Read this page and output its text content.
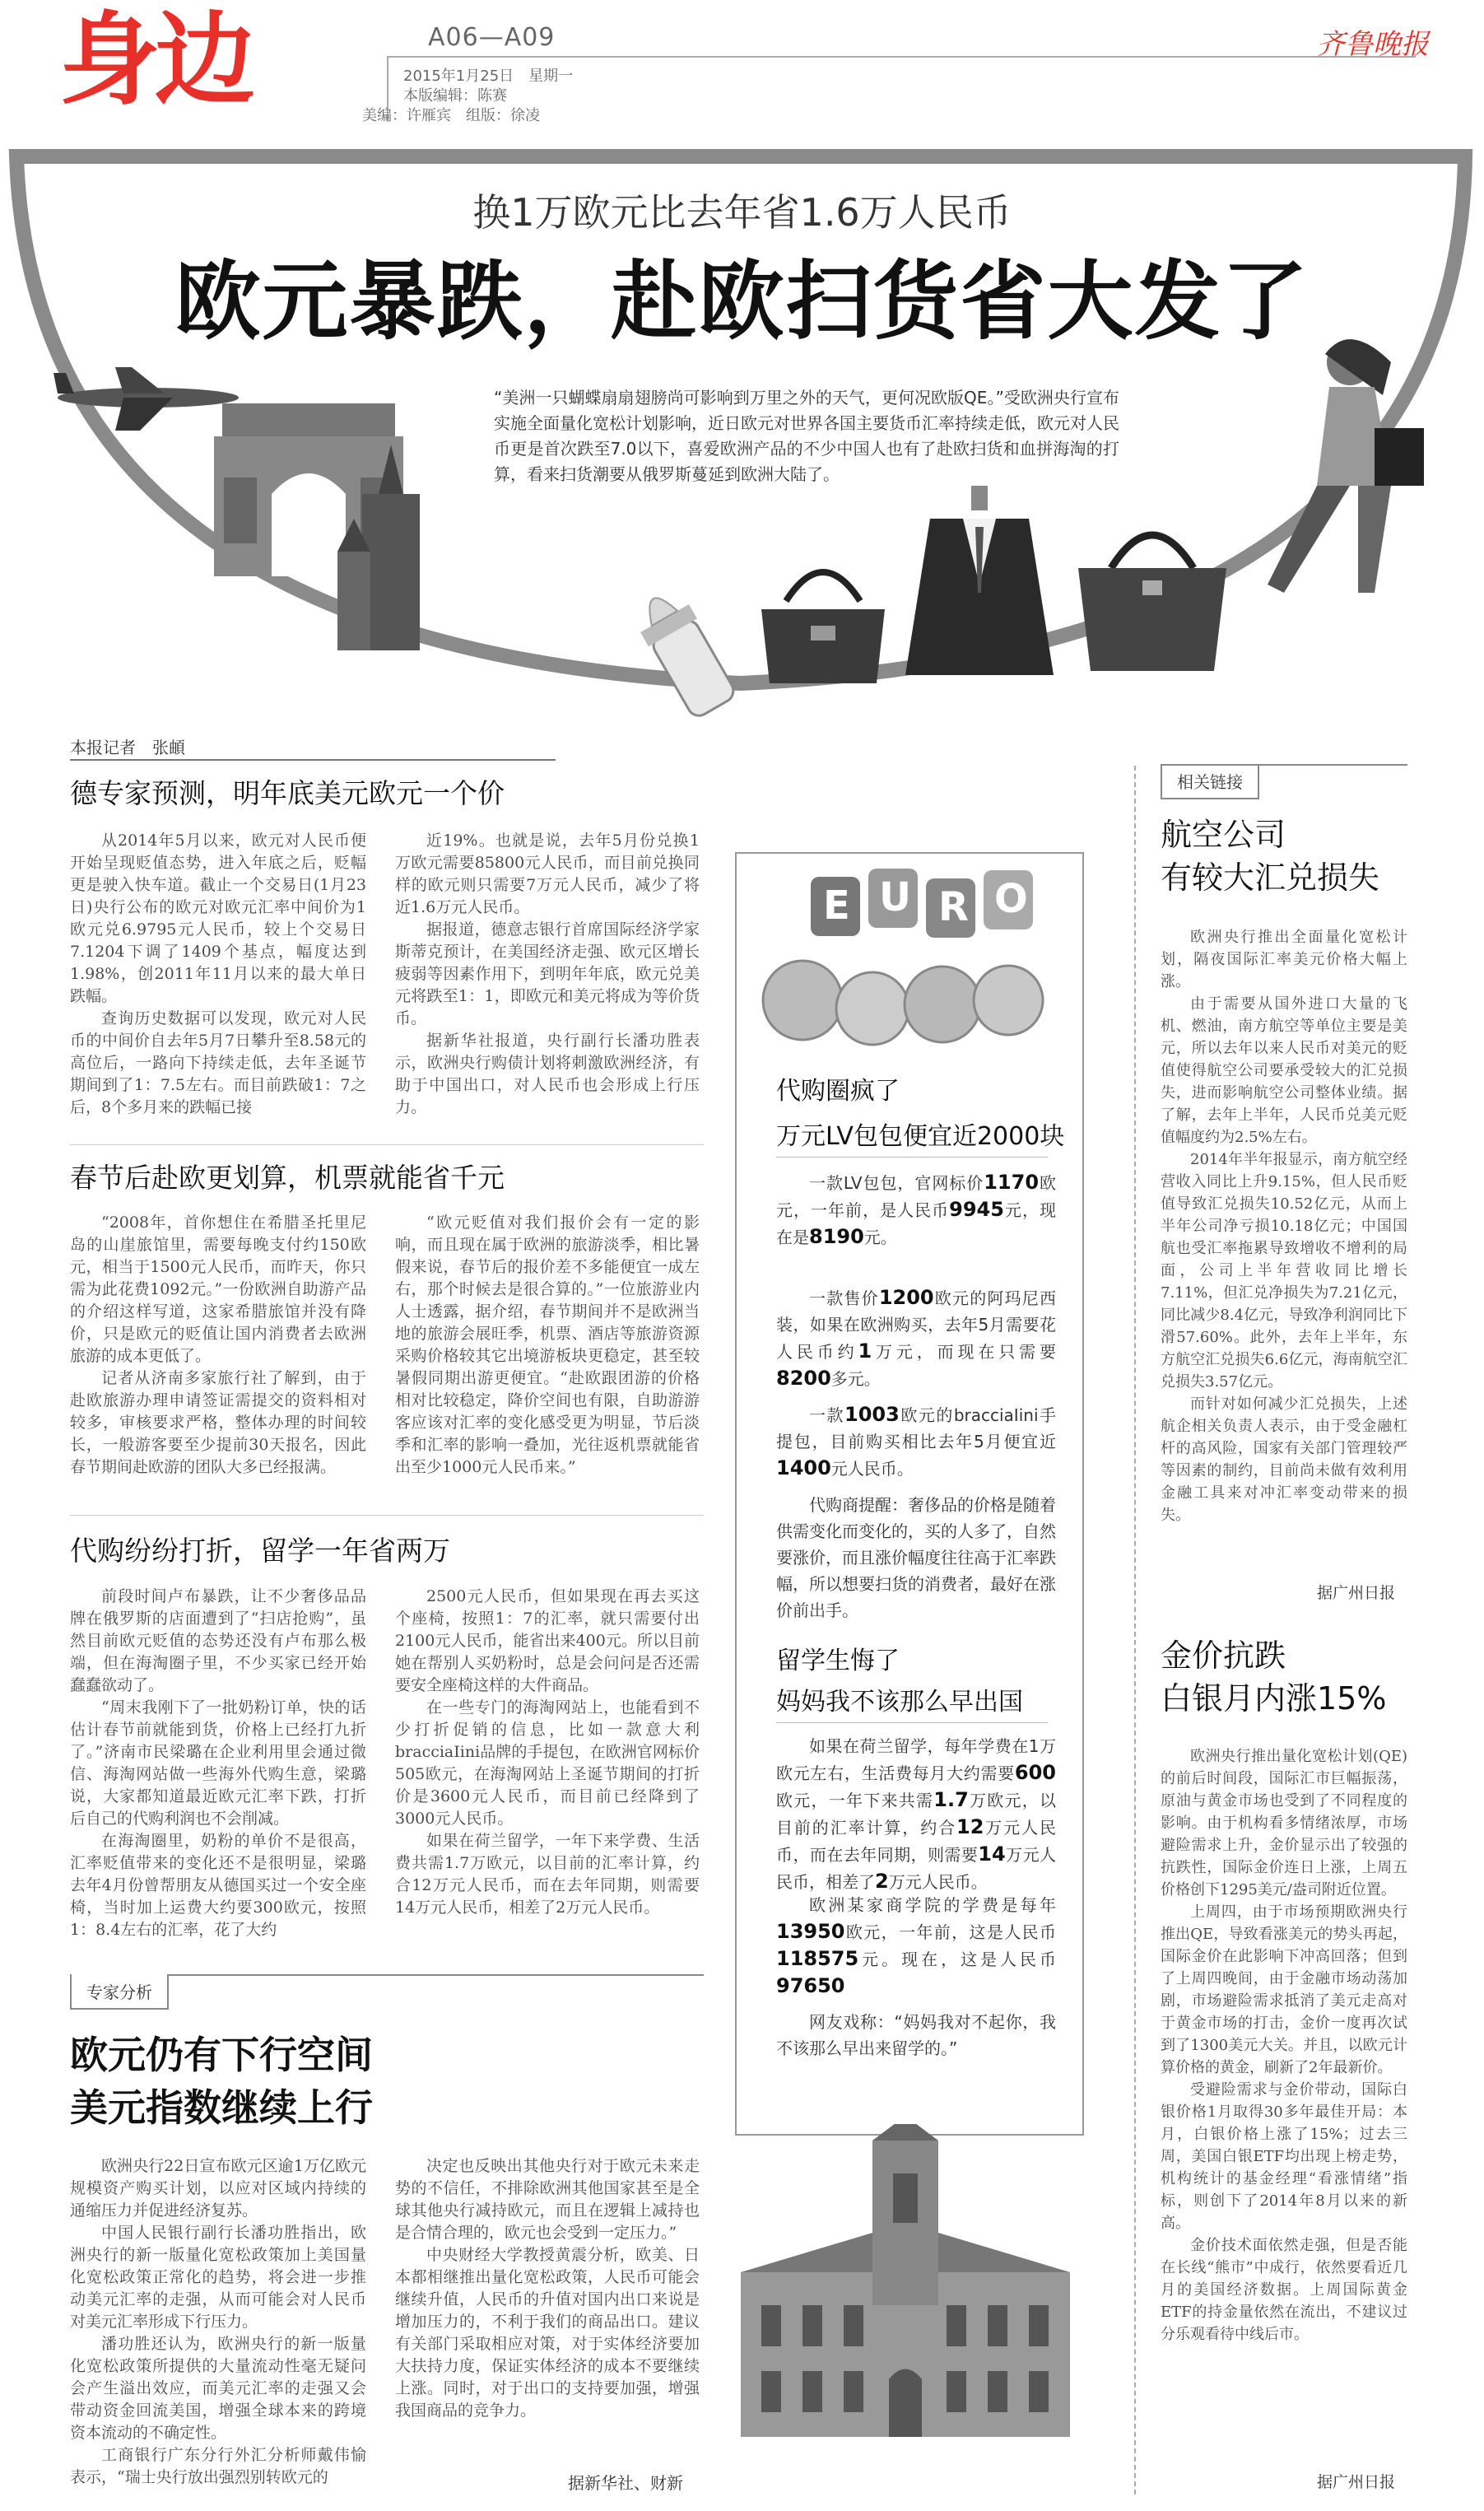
身边	A06—A09
2015年1月25日　星期一
本版编辑：陈赛
美编：许雁宾　组版：徐凌
齐鲁晚报
换1万欧元比去年省1.6万人民币
欧元暴跌，赴欧扫货省大发了
“美洲一只蝴蝶扇扇翅膀尚可影响到万里之外的天气，更何况欧版QE。”受欧洲央行宣布实施全面量化宽松计划影响，近日欧元对世界各国主要货币汇率持续走低，欧元对人民币更是首次跌至7.0以下，喜爱欧洲产品的不少中国人也有了赴欧扫货和血拼海淘的打算，看来扫货潮要从俄罗斯蔓延到欧洲大陆了。
本报记者　张頔
德专家预测，明年底美元欧元一个价

从2014年5月以来，欧元对人民币便开始呈现贬值态势，进入年底之后，贬幅更是驶入快车道。截止一个交易日(1月23日)央行公布的欧元对欧元汇率中间价为1欧元兑6.9795元人民币，较上个交易日7.1204下调了1409个基点，幅度达到1.98%，创2011年11月以来的最大单日跌幅。

查询历史数据可以发现，欧元对人民币的中间价自去年5月7日攀升至8.58元的高位后，一路向下持续走低，去年圣诞节期间到了1：7.5左右。而目前跌破1：7之后，8个多月来的跌幅已接

近19%。也就是说，去年5月份兑换1万欧元需要85800元人民币，而目前兑换同样的欧元则只需要7万元人民币，减少了将近1.6万元人民币。

据报道，德意志银行首席国际经济学家斯蒂克预计，在美国经济走强、欧元区增长疲弱等因素作用下，到明年年底，欧元兑美元将跌至1：1，即欧元和美元将成为等价货币。

据新华社报道，央行副行长潘功胜表示，欧洲央行购债计划将刺激欧洲经济，有助于中国出口，对人民币也会形成上行压力。

春节后赴欧更划算，机票就能省千元

“2008年，首你想住在希腊圣托里尼岛的山崖旅馆里，需要每晚支付约150欧元，相当于1500元人民币，而昨天，你只需为此花费1092元。”一份欧洲自助游产品的介绍这样写道，这家希腊旅馆并没有降价，只是欧元的贬值让国内消费者去欧洲旅游的成本更低了。

记者从济南多家旅行社了解到，由于赴欧旅游办理申请签证需提交的资料相对较多，审核要求严格，整体办理的时间较长，一般游客要至少提前30天报名，因此春节期间赴欧游的团队大多已经报满。

“欧元贬值对我们报价会有一定的影响，而且现在属于欧洲的旅游淡季，相比暑假来说，春节后的报价差不多能便宜一成左右，那个时候去是很合算的。”一位旅游业内人士透露，据介绍，春节期间并不是欧洲当地的旅游会展旺季，机票、酒店等旅游资源采购价格较其它出境游板块更稳定，甚至较暑假同期出游更便宜。“赴欧跟团游的价格相对比较稳定，降价空间也有限，自助游游客应该对汇率的变化感受更为明显，节后淡季和汇率的影响一叠加，光往返机票就能省出至少1000元人民币来。”

代购纷纷打折，留学一年省两万

前段时间卢布暴跌，让不少奢侈品品牌在俄罗斯的店面遭到了“扫店抢购”，虽然目前欧元贬值的态势还没有卢布那么极端，但在海淘圈子里，不少买家已经开始蠢蠢欲动了。

“周末我刚下了一批奶粉订单，快的话估计春节前就能到货，价格上已经打九折了。”济南市民梁璐在企业利用里会通过微信、海淘网站做一些海外代购生意，梁璐说，大家都知道最近欧元汇率下跌，打折后自己的代购利润也不会削减。

在海淘圈里，奶粉的单价不是很高，汇率贬值带来的变化还不是很明显，梁璐去年4月份曾帮朋友从德国买过一个安全座椅，当时加上运费大约要300欧元，按照1：8.4左右的汇率，花了大约

2500元人民币，但如果现在再去买这个座椅，按照1：7的汇率，就只需要付出2100元人民币，能省出来400元。所以目前她在帮别人买奶粉时，总是会问问是否还需要安全座椅这样的大件商品。

在一些专门的海淘网站上，也能看到不少打折促销的信息，比如一款意大利bracciaIini品牌的手提包，在欧洲官网标价505欧元，在海淘网站上圣诞节期间的打折价是3600元人民币，而目前已经降到了3000元人民币。

如果在荷兰留学，一年下来学费、生活费共需1.7万欧元，以目前的汇率计算，约合12万元人民币，而在去年同期，则需要14万元人民币，相差了2万元人民币。

专家分析
欧元仍有下行空间
美元指数继续上行

欧洲央行22日宣布欧元区逾1万亿欧元规模资产购买计划，以应对区域内持续的通缩压力并促进经济复苏。

中国人民银行副行长潘功胜指出，欧洲央行的新一版量化宽松政策加上美国量化宽松政策正常化的趋势，将会进一步推动美元汇率的走强，从而可能会对人民币对美元汇率形成下行压力。

潘功胜还认为，欧洲央行的新一版量化宽松政策所提供的大量流动性毫无疑问会产生溢出效应，而美元汇率的走强又会带动资金回流美国，增强全球本来的跨境资本流动的不确定性。

工商银行广东分行外汇分析师戴伟愉表示，“瑞士央行放出强烈别转欧元的

决定也反映出其他央行对于欧元未来走势的不信任，不排除欧洲其他国家甚至是全球其他央行减持欧元，而且在逻辑上减持也是合情合理的，欧元也会受到一定压力。”

中央财经大学教授黄震分析，欧美、日本都相继推出量化宽松政策，人民币可能会继续升值，人民币的升值对国内出口来说是增加压力的，不利于我们的商品出口。建议有关部门采取相应对策，对于实体经济要加大扶持力度，保证实体经济的成本不要继续上涨。同时，对于出口的支持要加强，增强我国商品的竞争力。

据新华社、财新
E U R O
代购圈疯了
万元LV包包便宜近2000块

一款LV包包，官网标价1170欧元，一年前，是人民币9945元，现在是8190元。

一款售价1200欧元的阿玛尼西装，如果在欧洲购买，去年5月需要花人民币约1万元，而现在只需要8200多元。

一款1003欧元的bracciaIini手提包，目前购买相比去年5月便宜近1400元人民币。

代购商提醒：奢侈品的价格是随着供需变化而变化的，买的人多了，自然要涨价，而且涨价幅度往往高于汇率跌幅，所以想要扫货的消费者，最好在涨价前出手。

留学生悔了
妈妈我不该那么早出国

如果在荷兰留学，每年学费在1万欧元左右，生活费每月大约需要600欧元，一年下来共需1.7万欧元，以目前的汇率计算，约合12万元人民币，而在去年同期，则需要14万元人民币，相差了2万元人民币。

欧洲某家商学院的学费是每年13950欧元，一年前，这是人民币118575元。现在，这是人民币97650

网友戏称：“妈妈我对不起你，我不该那么早出来留学的。”

相关链接
航空公司
有较大汇兑损失

欧洲央行推出全面量化宽松计划，隔夜国际汇率美元价格大幅上涨。

由于需要从国外进口大量的飞机、燃油，南方航空等单位主要是美元，所以去年以来人民币对美元的贬值使得航空公司要承受较大的汇兑损失，进而影响航空公司整体业绩。据了解，去年上半年，人民币兑美元贬值幅度约为2.5%左右。

2014年半年报显示，南方航空经营收入同比上升9.15%，但人民币贬值导致汇兑损失10.52亿元，从而上半年公司净亏损10.18亿元；中国国航也受汇率拖累导致增收不增利的局面，公司上半年营收同比增长7.11%，但汇兑净损失为7.21亿元，同比减少8.4亿元，导致净利润同比下滑57.60%。此外，去年上半年，东方航空汇兑损失6.6亿元，海南航空汇兑损失3.57亿元。

而针对如何减少汇兑损失，上述航企相关负责人表示，由于受金融杠杆的高风险，国家有关部门管理较严等因素的制约，目前尚未做有效利用金融工具来对冲汇率变动带来的损失。

据广州日报
金价抗跌
白银月内涨15%

欧洲央行推出量化宽松计划(QE)的前后时间段，国际汇市巨幅振荡，原油与黄金市场也受到了不同程度的影响。由于机构看多情绪浓厚，市场避险需求上升，金价显示出了较强的抗跌性，国际金价连日上涨，上周五价格创下1295美元/盎司附近位置。

上周四，由于市场预期欧洲央行推出QE，导致看涨美元的势头再起，国际金价在此影响下冲高回落；但到了上周四晚间，由于金融市场动荡加剧，市场避险需求抵消了美元走高对于黄金市场的打击，金价一度再次试到了1300美元大关。并且，以欧元计算价格的黄金，刷新了2年最新价。

受避险需求与金价带动，国际白银价格1月取得30多年最佳开局：本月，白银价格上涨了15%；过去三周，美国白银ETF均出现上榜走势，机构统计的基金经理“看涨情绪”指标，则创下了2014年8月以来的新高。

金价技术面依然走强，但是否能在长线“熊市”中成行，依然要看近几月的美国经济数据。上周国际黄金ETF的持金量依然在流出，不建议过分乐观看待中线后市。

据广州日报
